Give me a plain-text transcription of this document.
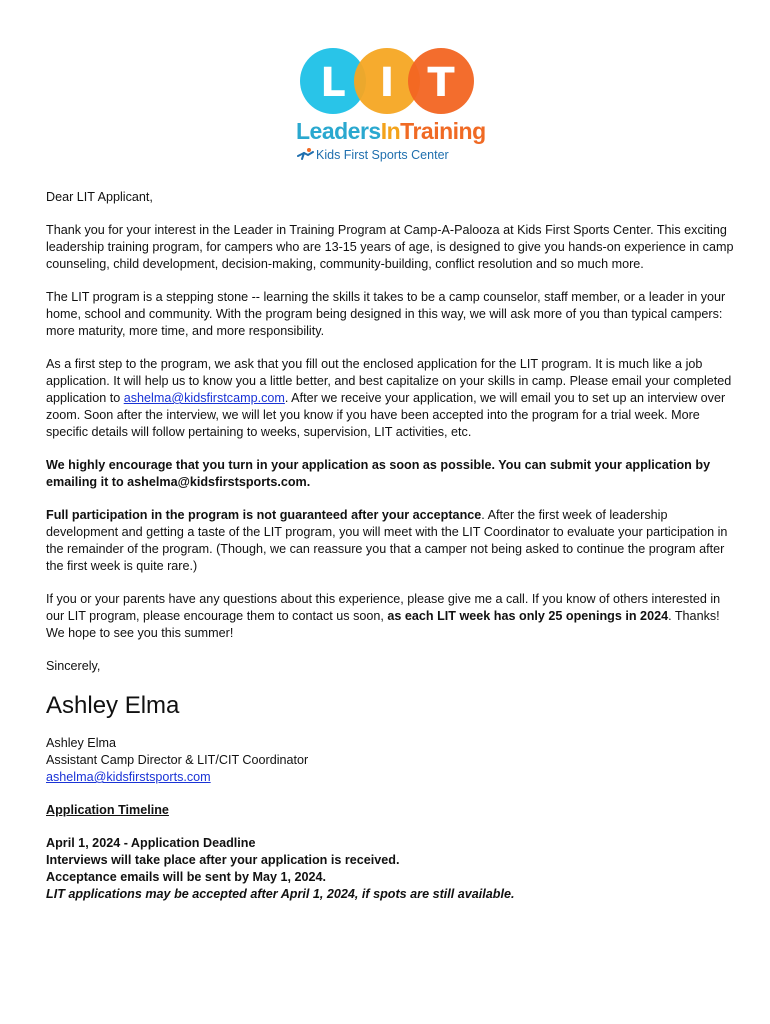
L I T
LeadersInTraining
Kids First Sports Center

Dear LIT Applicant,

Thank you for your interest in the Leader in Training Program at Camp-A-Palooza at Kids First Sports Center. This exciting leadership training program, for campers who are 13-15 years of age, is designed to give you hands-on experience in camp counseling, child development, decision-making, community-building, conflict resolution and so much more.

The LIT program is a stepping stone -- learning the skills it takes to be a camp counselor, staff member, or a leader in your home, school and community. With the program being designed in this way, we will ask more of you than typical campers: more maturity, more time, and more responsibility.

As a first step to the program, we ask that you fill out the enclosed application for the LIT program. It is much like a job application. It will help us to know you a little better, and best capitalize on your skills in camp. Please email your completed application to ashelma@kidsfirstcamp.com. After we receive your application, we will email you to set up an interview over zoom. Soon after the interview, we will let you know if you have been accepted into the program for a trial week. More specific details will follow pertaining to weeks, supervision, LIT activities, etc.

We highly encourage that you turn in your application as soon as possible. You can submit your application by emailing it to ashelma@kidsfirstsports.com.

Full participation in the program is not guaranteed after your acceptance. After the first week of leadership development and getting a taste of the LIT program, you will meet with the LIT Coordinator to evaluate your participation in the remainder of the program. (Though, we can reassure you that a camper not being asked to continue the program after the first week is quite rare.)

If you or your parents have any questions about this experience, please give me a call. If you know of others interested in our LIT program, please encourage them to contact us soon, as each LIT week has only 25 openings in 2024. Thanks! We hope to see you this summer!

Sincerely,

Ashley Elma
Ashley Elma
Assistant Camp Director & LIT/CIT Coordinator
ashelma@kidsfirstsports.com
Application Timeline
April 1, 2024 - Application Deadline
Interviews will take place after your application is received.
Acceptance emails will be sent by May 1, 2024.
LIT applications may be accepted after April 1, 2024, if spots are still available.
